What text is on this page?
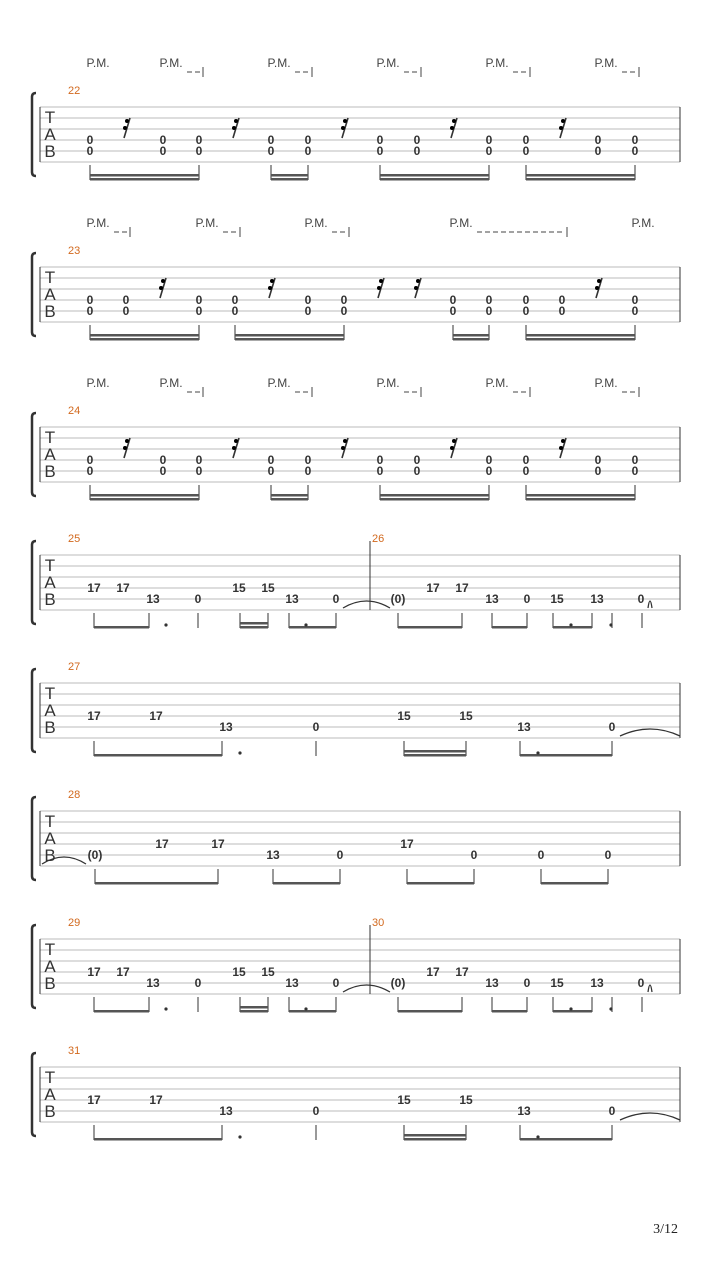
T
A
B
22
P.M.	P.M.	P.M.	P.M.	P.M.	P.M.
0
0
0
0
0
0
0
0
0
0
0
0
0
0
0
0
0
0
0
0
0
0
T
A
B
23
P.M.	P.M.	P.M.	P.M.	P.M.
0
0
0
0
0
0
0
0
0
0
0
0
0
0
0
0
0
0
0
0
0
0
T
A
B
24
P.M.	P.M.	P.M.	P.M.	P.M.	P.M.
0
0
0
0
0
0
0
0
0
0
0
0
0
0
0
0
0
0
0
0
0
0
T
A
B
25	26
17 17
13	0
15 15
13	0	(0)
17 17
13 0 15 13	0
T
A
B
27
17	17
13	0
15	15
13	0
T
A
B
28
(0)
17	17
13	0
17
0	0	0
T
A
B
29	30
17 17
13	0
15 15
13	0	(0)
17 17
13 0 15 13	0
T
A
B
31
17	17
13	0
15	15
13	0
3/12
